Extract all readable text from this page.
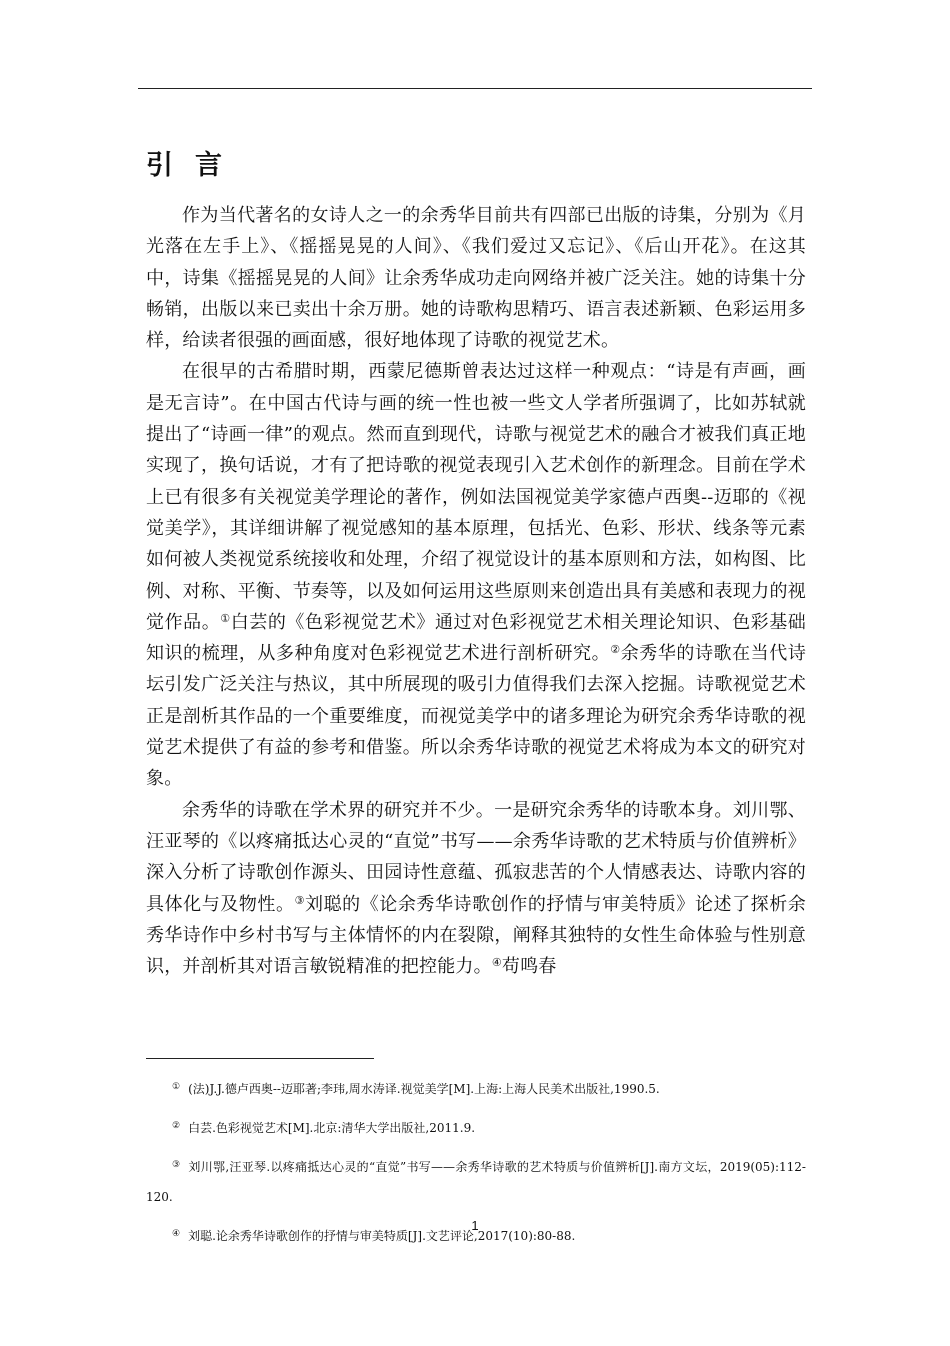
引言

作为当代著名的女诗人之一的余秀华目前共有四部已出版的诗集，分别为《月光落在左手上》、《摇摇晃晃的人间》、《我们爱过又忘记》、《后山开花》。在这其中，诗集《摇摇晃晃的人间》让余秀华成功走向网络并被广泛关注。她的诗集十分畅销，出版以来已卖出十余万册。她的诗歌构思精巧、语言表述新颖、色彩运用多样，给读者很强的画面感，很好地体现了诗歌的视觉艺术。

在很早的古希腊时期，西蒙尼德斯曾表达过这样一种观点：“诗是有声画，画是无言诗”。在中国古代诗与画的统一性也被一些文人学者所强调了，比如苏轼就提出了“诗画一律”的观点。然而直到现代，诗歌与视觉艺术的融合才被我们真正地实现了，换句话说，才有了把诗歌的视觉表现引入艺术创作的新理念。目前在学术上已有很多有关视觉美学理论的著作，例如法国视觉美学家德卢西奥--迈耶的《视觉美学》，其详细讲解了视觉感知的基本原理，包括光、色彩、形状、线条等元素如何被人类视觉系统接收和处理，介绍了视觉设计的基本原则和方法，如构图、比例、对称、平衡、节奏等，以及如何运用这些原则来创造出具有美感和表现力的视觉作品。①白芸的《色彩视觉艺术》通过对色彩视觉艺术相关理论知识、色彩基础知识的梳理，从多种角度对色彩视觉艺术进行剖析研究。②余秀华的诗歌在当代诗坛引发广泛关注与热议，其中所展现的吸引力值得我们去深入挖掘。诗歌视觉艺术正是剖析其作品的一个重要维度，而视觉美学中的诸多理论为研究余秀华诗歌的视觉艺术提供了有益的参考和借鉴。所以余秀华诗歌的视觉艺术将成为本文的研究对象。

余秀华的诗歌在学术界的研究并不少。一是研究余秀华的诗歌本身。刘川鄂、汪亚琴的《以疼痛抵达心灵的“直觉”书写——余秀华诗歌的艺术特质与价值辨析》深入分析了诗歌创作源头、田园诗性意蕴、孤寂悲苦的个人情感表达、诗歌内容的具体化与及物性。③刘聪的《论余秀华诗歌创作的抒情与审美特质》论述了探析余秀华诗作中乡村书写与主体情怀的内在裂隙，阐释其独特的女性生命体验与性别意识，并剖析其对语言敏锐精准的把控能力。④苟鸣春

① (法)J.J.德卢西奥--迈耶著;李玮,周水涛译.视觉美学[M].上海:上海人民美术出版社,1990.5.

② 白芸.色彩视觉艺术[M].北京:清华大学出版社,2011.9.

③ 刘川鄂,汪亚琴.以疼痛抵达心灵的“直觉”书写——余秀华诗歌的艺术特质与价值辨析[J].南方文坛，2019(05):112-120.

④ 刘聪.论余秀华诗歌创作的抒情与审美特质[J].文艺评论,2017(10):80-88.

1
